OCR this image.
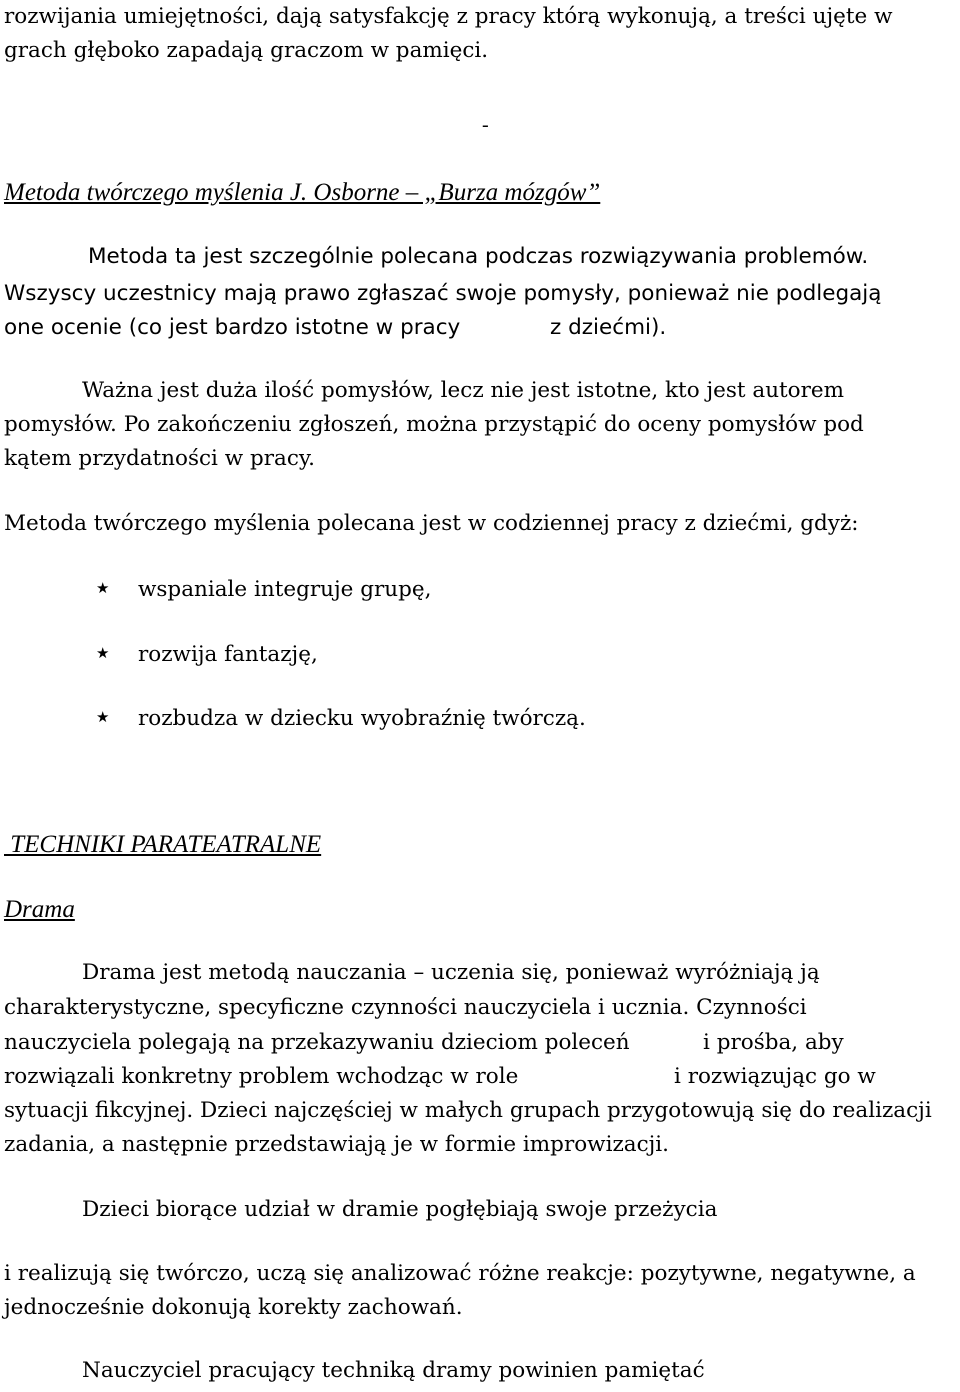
rozwijania umiejętności, dają satysfakcję z pracy którą wykonują, a treści ujęte w

grach głęboko zapadają graczom w pamięci.

-
Metoda twórczego myślenia J. Osborne – „Burza mózgów”

Metoda ta jest szczególnie polecana podczas rozwiązywania problemów.

Wszyscy uczestnicy mają prawo zgłaszać swoje pomysły, ponieważ nie podlegają

one ocenie (co jest bardzo istotne w pracy	z dziećmi).

Ważna jest duża ilość pomysłów, lecz nie jest istotne, kto jest autorem

pomysłów. Po zakończeniu zgłoszeń, można przystąpić do oceny pomysłów pod

kątem przydatności w pracy.

Metoda twórczego myślenia polecana jest w codziennej pracy z dziećmi, gdyż:

★ wspaniale integruje grupę,
★ rozwija fantazję,
★ rozbudza w dziecku wyobraźnię twórczą.
TECHNIKI PARATEATRALNE
Drama

Drama jest metodą nauczania – uczenia się, ponieważ wyróżniają ją

charakterystyczne, specyficzne czynności nauczyciela i ucznia. Czynności

nauczyciela polegają na przekazywaniu dzieciom poleceń	i prośba, aby

rozwiązali konkretny problem wchodząc w role	i rozwiązując go w

sytuacji fikcyjnej. Dzieci najczęściej w małych grupach przygotowują się do realizacji

zadania, a następnie przedstawiają je w formie improwizacji.

Dzieci biorące udział w dramie pogłębiają swoje przeżycia

i realizują się twórczo, uczą się analizować różne reakcje: pozytywne, negatywne, a

jednocześnie dokonują korekty zachowań.

Nauczyciel pracujący techniką dramy powinien pamiętać
